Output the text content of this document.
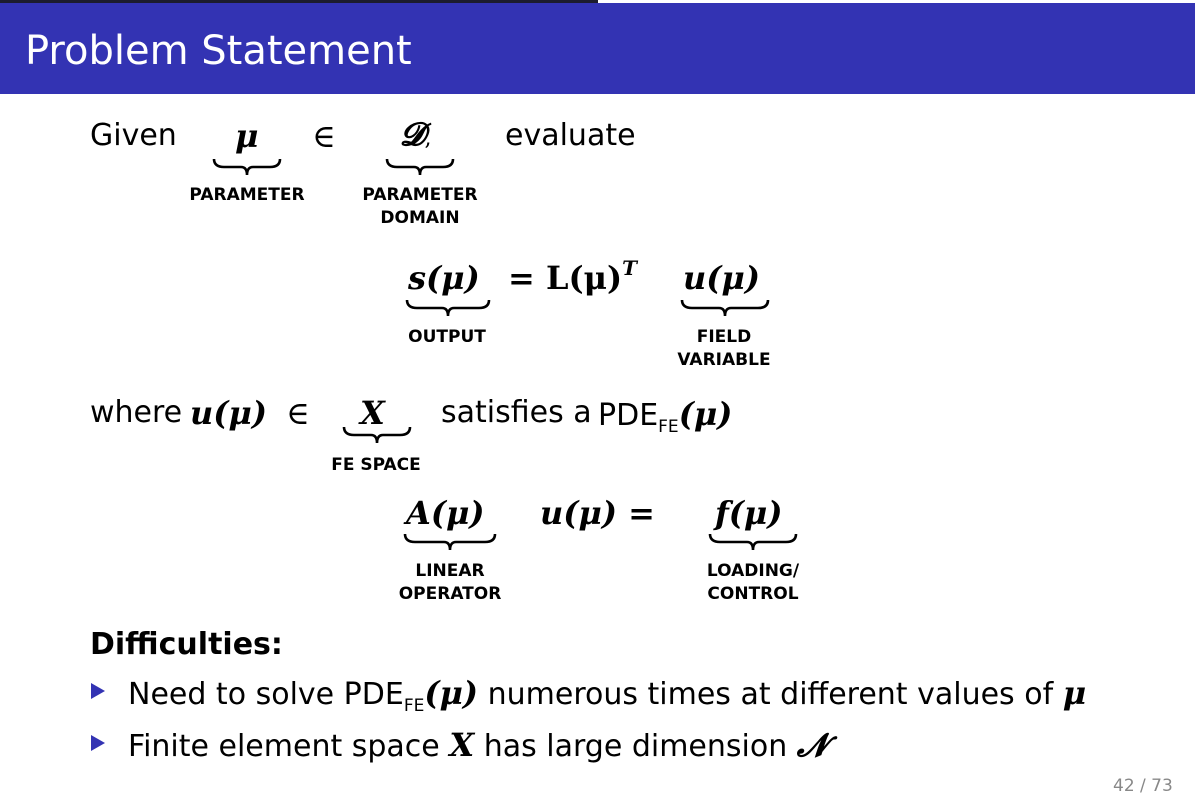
Problem Statement
Given μ ∈ 𝓓, evaluate
PARAMETER	PARAMETER
DOMAIN
$s(\mu) = L(\mu)^T$ u(μ)
OUTPUT	FIELD
VARIABLE
where u(μ) ∈ X satisfies a $PDE_{FE}(\mu)$
FE SPACE
A(μ) u(μ) = f(μ)
LINEAR
OPERATOR
LOADING/
CONTROL
Difficulties:
Need to solve $PDE_{FE}(\mu)$ numerous times at different values of μ
Finite element space X has large dimension 𝓝
42 / 73
